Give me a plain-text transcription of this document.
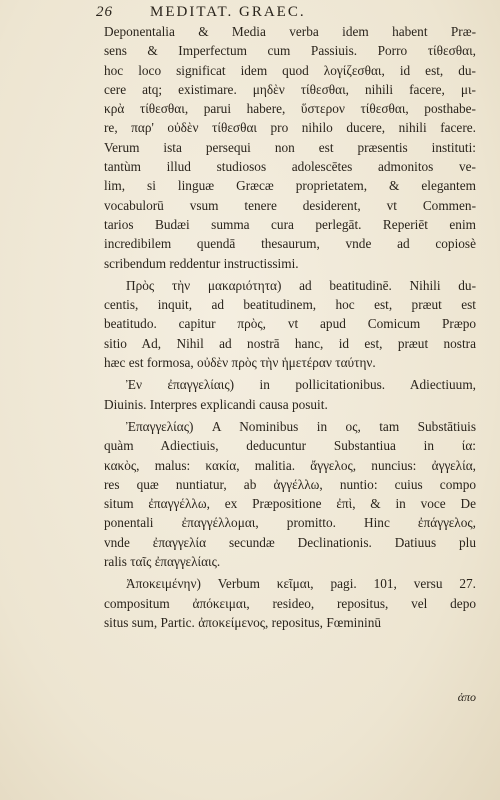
26 MEDITAT. GRAEC.
Deponentalia & Media verba idem habent Præ-
sens & Imperfectum cum Passiuis. Porro τίθεσθαι,
hoc loco significat idem quod λογίζεσθαι, id est, du-
cere atq; existimare. μηδὲν τίθεσθαι, nihili facere, μι-
κρὰ τίθεσθαι, parui habere, ὕστερον τίθεσθαι, posthabe-
re, παρ' οὐδὲν τίθεσθαι pro nihilo ducere, nihili facere.
Verum ista persequi non est præsentis instituti:
tantùm illud studiosos adolescētes admonitos ve-
lim, si linguæ Græcæ proprietatem, & elegantem
vocabulorū vsum tenere desiderent, vt Commen-
tarios Budæi summa cura perlegāt. Reperiēt enim
incredibilem quendā thesaurum, vnde ad copiosè
scribendum reddentur instructissimi.
Πρὸς τὴν μακαριότητα) ad beatitudinē. Nihili du-
centis, inquit, ad beatitudinem, hoc est, præut est
beatitudo. capitur πρὸς, vt apud Comicum Præpo
sitio Ad, Nihil ad nostrā hanc, id est, præut nostra
hæc est formosa, οὐδὲν πρὸς τὴν ἡμετέραν ταύτην.
Ἐν ἐπαγγελίαις) in pollicitationibus. Adiectiuum,
Diuinis. Interpres explicandi causa posuit.
Ἐπαγγελίας) A Nominibus in ος, tam Substātiuis
quàm Adiectiuis, deducuntur Substantiua in ία:
κακὸς, malus: κακία, malitia. ἄγγελος, nuncius: ἀγγελία,
res quæ nuntiatur, ab ἀγγέλλω, nuntio: cuius compo
situm ἐπαγγέλλω, ex Præpositione ἐπὶ, & in voce De
ponentali ἐπαγγέλλομαι, promitto. Hinc ἐπάγγελος,
vnde ἐπαγγελία secundæ Declinationis. Datiuus plu
ralis ταῖς ἐπαγγελίαις.
Ἀποκειμένην) Verbum κεῖμαι, pagi. 101, versu 27.
compositum ἀπόκειμαι, resideo, repositus, vel depo
situs sum, Partic. ἀποκείμενος, repositus, Fœmininū
ἀπο
